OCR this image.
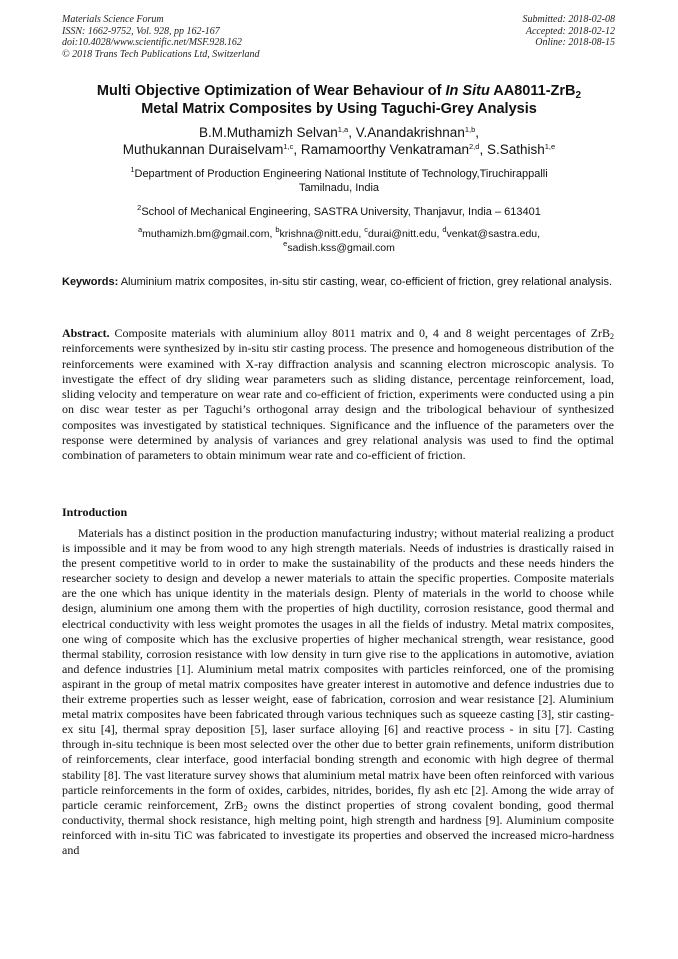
Materials Science Forum
ISSN: 1662-9752, Vol. 928, pp 162-167
doi:10.4028/www.scientific.net/MSF.928.162
© 2018 Trans Tech Publications Ltd, Switzerland
Submitted: 2018-02-08
Accepted: 2018-02-12
Online: 2018-08-15
Multi Objective Optimization of Wear Behaviour of In Situ AA8011-ZrB$_2$
Metal Matrix Composites by Using Taguchi-Grey Analysis
B.M.Muthamizh Selvan$^{1,a}$, V.Anandakrishnan$^{1,b}$,
Muthukannan Duraiselvam$^{1,c}$, Ramamoorthy Venkatraman$^{2,d}$, S.Sathish$^{1,e}$
$^1$Department of Production Engineering National Institute of Technology,Tiruchirappalli
Tamilnadu, India
$^2$School of Mechanical Engineering, SASTRA University, Thanjavur, India – 613401
$^a$muthamizh.bm@gmail.com, $^b$krishna@nitt.edu, $^c$durai@nitt.edu, $^d$venkat@sastra.edu,
$^e$sadish.kss@gmail.com
Keywords: Aluminium matrix composites, in-situ stir casting, wear, co-efficient of friction, grey relational analysis.
Abstract. Composite materials with aluminium alloy 8011 matrix and 0, 4 and 8 weight percentages of ZrB$_2$ reinforcements were synthesized by in-situ stir casting process. The presence and homogeneous distribution of the reinforcements were examined with X-ray diffraction analysis and scanning electron microscopic analysis. To investigate the effect of dry sliding wear parameters such as sliding distance, percentage reinforcement, load, sliding velocity and temperature on wear rate and co-efficient of friction, experiments were conducted using a pin on disc wear tester as per Taguchi’s orthogonal array design and the tribological behaviour of synthesized composites was investigated by statistical techniques. Significance and the influence of the parameters over the response were determined by analysis of variances and grey relational analysis was used to find the optimal combination of parameters to obtain minimum wear rate and co-efficient of friction.
Introduction
Materials has a distinct position in the production manufacturing industry; without material realizing a product is impossible and it may be from wood to any high strength materials. Needs of industries is drastically raised in the present competitive world to in order to make the sustainability of the products and these needs hinders the researcher society to design and develop a newer materials to attain the specific properties. Composite materials are the one which has unique identity in the materials design. Plenty of materials in the world to choose while design, aluminium one among them with the properties of high ductility, corrosion resistance, good thermal and electrical conductivity with less weight promotes the usages in all the fields of industry. Metal matrix composites, one wing of composite which has the exclusive properties of higher mechanical strength, wear resistance, good thermal stability, corrosion resistance with low density in turn give rise to the applications in automotive, aviation and defence industries [1]. Aluminium metal matrix composites with particles reinforced, one of the promising aspirant in the group of metal matrix composites have greater interest in automotive and defence industries due to their extreme properties such as lesser weight, ease of fabrication, corrosion and wear resistance [2]. Aluminium metal matrix composites have been fabricated through various techniques such as squeeze casting [3], stir casting-ex situ [4], thermal spray deposition [5], laser surface alloying [6] and reactive process - in situ [7]. Casting through in-situ technique is been most selected over the other due to better grain refinements, uniform distribution of reinforcements, clear interface, good interfacial bonding strength and economic with high degree of thermal stability [8]. The vast literature survey shows that aluminium metal matrix have been often reinforced with various particle reinforcements in the form of oxides, carbides, nitrides, borides, fly ash etc [2]. Among the wide array of particle ceramic reinforcement, ZrB$_2$ owns the distinct properties of strong covalent bonding, good thermal conductivity, thermal shock resistance, high melting point, high strength and hardness [9]. Aluminium composite reinforced with in-situ TiC was fabricated to investigate its properties and observed the increased micro-hardness and
